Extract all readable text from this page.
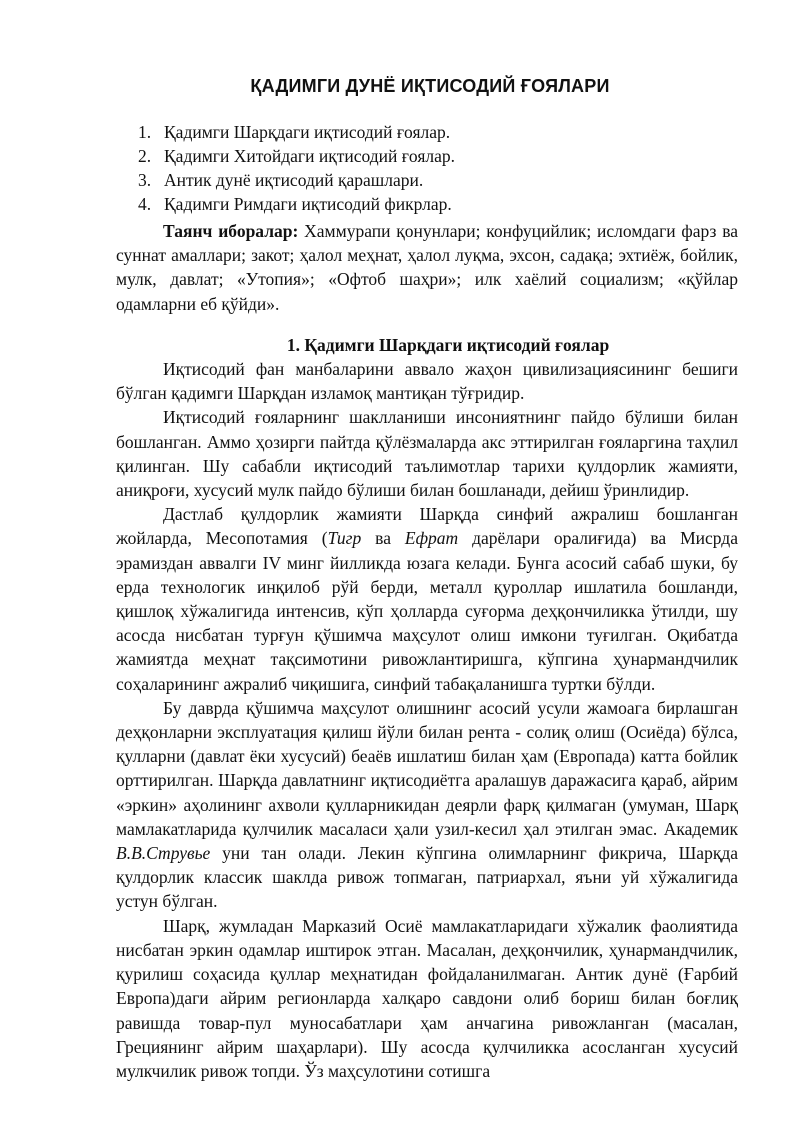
ҚАДИМГИ ДУНЁ ИҚТИСОДИЙ ҒОЯЛАРИ
1. Қадимги Шарқдаги иқтисодий ғоялар.
2. Қадимги Хитойдаги иқтисодий ғоялар.
3. Антик дунё иқтисодий қарашлари.
4. Қадимги Римдаги иқтисодий фикрлар.

Таянч иборалар: Хаммурапи қонунлари; конфуцийлик; исломдаги фарз ва суннат амаллари; закот; ҳалол меҳнат, ҳалол луқма, эхсон, садақа; эхтиёж, бойлик, мулк, давлат; «Утопия»; «Офтоб шаҳри»; илк хаёлий социализм; «қўйлар одамларни еб қўйди».

1. Қадимги Шарқдаги иқтисодий ғоялар

Иқтисодий фан манбаларини аввало жаҳон цивилизациясининг бешиги бўлган қадимги Шарқдан изламоқ мантиқан тўғридир.

Иқтисодий ғояларнинг шаклланиши инсониятнинг пайдо бўлиши билан бошланган. Аммо ҳозирги пайтда қўлёзмаларда акс эттирилган ғояларгина таҳлил қилинган. Шу сабабли иқтисодий таълимотлар тарихи қулдорлик жамияти, аниқроғи, хусусий мулк пайдо бўлиши билан бошланади, дейиш ўринлидир.

Дастлаб қулдорлик жамияти Шарқда синфий ажралиш бошланган жойларда, Месопотамия (Тигр ва Ефрат дарёлари оралиғида) ва Мисрда эрамиздан аввалги IV минг йилликда юзага келади. Бунга асосий сабаб шуки, бу ерда технологик инқилоб рўй берди, металл қуроллар ишлатила бошланди, қишлоқ хўжалигида интенсив, кўп ҳолларда суғорма деҳқончиликка ўтилди, шу асосда нисбатан турғун қўшимча маҳсулот олиш имкони туғилган. Оқибатда жамиятда меҳнат тақсимотини ривожлантиришга, кўпгина ҳунармандчилик соҳаларининг ажралиб чиқишига, синфий табақаланишга туртки бўлди.

Бу даврда қўшимча маҳсулот олишнинг асосий усули жамоага бирлашган деҳқонларни эксплуатация қилиш йўли билан рента - солиқ олиш (Осиёда) бўлса, қулларни (давлат ёки хусусий) беаёв ишлатиш билан ҳам (Европада) катта бойлик орттирилган. Шарқда давлатнинг иқтисодиётга аралашув даражасига қараб, айрим «эркин» аҳолининг ахволи қулларникидан деярли фарқ қилмаган (умуман, Шарқ мамлакатларида қулчилик масаласи ҳали узил-кесил ҳал этилган эмас. Академик В.В.Струвье уни тан олади. Лекин кўпгина олимларнинг фикрича, Шарқда қулдорлик классик шаклда ривож топмаган, патриархал, яъни уй хўжалигида устун бўлган.

Шарқ, жумладан Марказий Осиё мамлакатларидаги хўжалик фаолиятида нисбатан эркин одамлар иштирок этган. Масалан, деҳқончилик, ҳунармандчилик, қурилиш соҳасида қуллар меҳнатидан фойдаланилмаган. Антик дунё (Ғарбий Европа)даги айрим регионларда халқаро савдони олиб бориш билан боғлиқ равишда товар-пул муносабатлари ҳам анчагина ривожланган (масалан, Грециянинг айрим шаҳарлари). Шу асосда қулчиликка асосланган хусусий мулкчилик ривож топди. Ўз маҳсулотини сотишга
